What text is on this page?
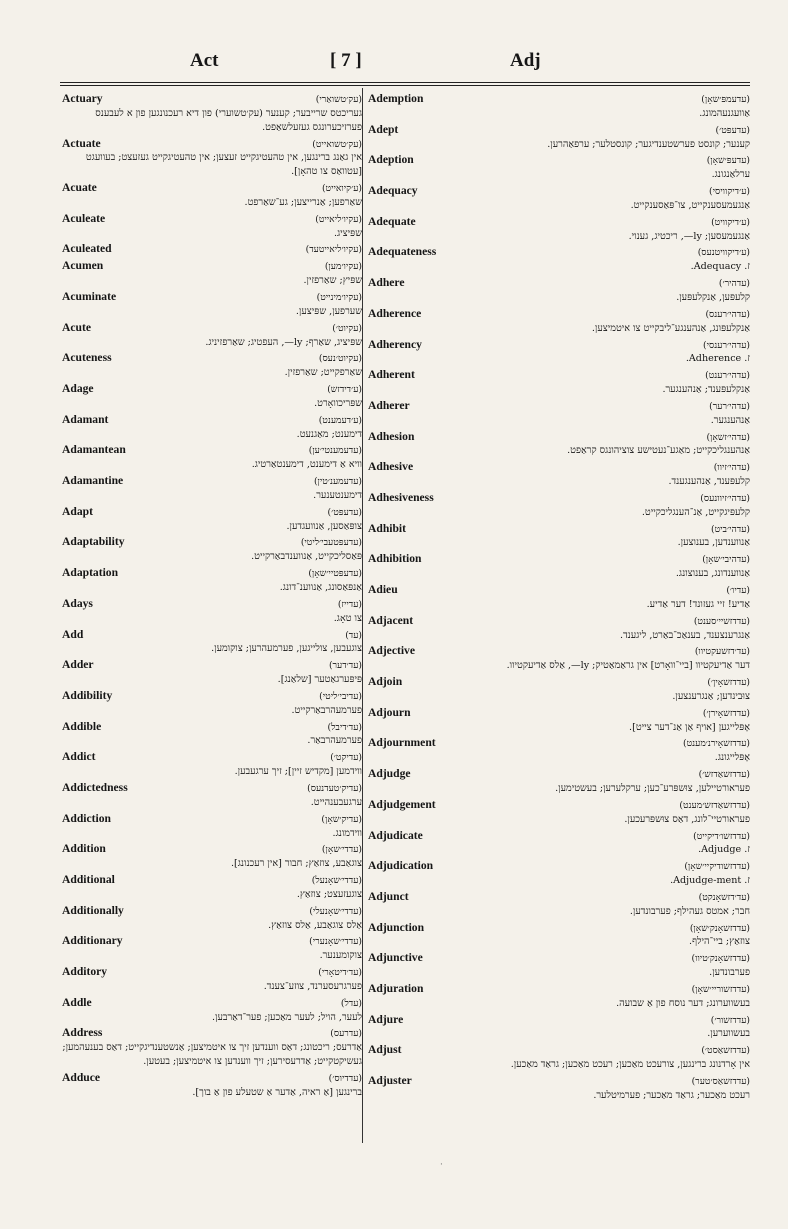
Act	[ 7 ]	Adj
Actuary	(עק׳טשואַרי)
געריכטס שרייבער; קענער (עק׳טשוערי) פון דיא רעכנונגען פון א לעבענס פערזיכערונגס געזעלשאַפט.
Actuate	(עק׳טשואייט)
אין גאַנג ברינגען, אין טהעטיגקייט זעצען; אין טהעטיגקייט געזעצט; בעוועגט [עטוואַס צו טהאָן].
Acuate	(ע׳קיואייט)
שאַרפען; אַנרייצען; גע־שאַרפט.
Aculeate	(עקיו׳ליאייט)
שפּיציג.
Aculeated	(עקיו׳ליאייטעד)
Acumen	(עקיו׳מען)
שפּיץ; שאַרפזין.
Acuminate	(עקיו׳מינייט)
שערפען, שפּיצען.
Acute	(עקיוט׳)
שפּיציג, שאַרף; ly—, העפטיג; שאַרפזיניג.
Acuteness	(עקיוט׳נעס)
שאַרפקייט; שאַרפזין.
Adage	(ע׳דידזש)
שפּריכוואָרט.
Adamant	(ע׳דעמענט)
דימענט; מאַגנעט.
Adamantean	(עדעמענטי׳ען)
וויא אַ דימענט, דימענטאַרטיג.
Adamantine	(עדעמענ׳טין)
דימענטענער.
Adapt	(עדעפּט׳)
צופּאַסען, אַנוועגדען.
Adaptability	(עדעפּטעבי׳ליטי)
פּאַסליכקייט, אַנווענדבאַרקייט.
Adaptation	(עדעפּטיי׳שאָן)
אַנפּאַסונג, אַנווענ־דונג.
Adays	(עדייז)
צו טאָג.
Add	(עד)
צוגעבען, צולייגען, פערמעהרען; צוקומען.
Adder	(עד׳דער)
פּיפּערגאַטער [שלאַנג].
Addibility	(עדיבי׳ליטי)
פערמעהרבאַרקייט.
Addible	(עד׳דיבל)
פערמעהרבאַר.
Addict	(עדיקט׳)
ווידמען [מקדיש זיין]; זיך ערגעבען.
Addictedness	(עדיק׳טעדנעס)
ערגעבענהייט.
Addiction	(עדיק׳שאָן)
ווידמונג.
Addition	(עדדי׳שאָן)
צוגאַבע, צוזאַץ; חבור [אין רעכנונג].
Additional	(עדדי׳שאָנעל)
צוגעזעצט; צוזאַץ.
Additionally	(עדדי׳שאָנעלי)
אַלס צוגאַבע, אַלס צוזאַץ.
Additionary	(עדדי׳שאָנערי)
צוקומענער.
Additory	(עד׳דיטאָרי)
פערגרעסערנד, צוזע־צענד.
Addle	(עדל)
לעער, הויל; לעער מאַכען; פער־דאַרבען.
Address	(עדרעס)
אַדרעס; ריכטונג; דאַס ווענדען זיך צו איטמיצען; אַנשטענדיגקייט; דאַס בענעהמען; געשיקטקייט; אַדרעסירען; זיך ווענדען צו איטמיצען; בעטען.
Adduce	(עדדיוס׳)
ברינגען [אַ ראיה, אַדער אַ שטעלע פון אַ בוך].
Ademption	(עדעמפּ׳שאָן)
אַוועגנעהמונג.
Adept	(עדעפּט׳)
קענער; קונסט פערשטענדיגער; קונסטלער; ערפאַהרען.
Adeption	(עדעפּ׳שאָן)
ערלאַנגונג.
Adequacy	(ע׳דיקוויסי)
אַנגעמעסענקייט, צו־פּאַסענקייט.
Adequate	(ע׳דיקוויט)
אַנגעמעסען; ly—, ריכטיג, גענוי.
Adequateness	(ע׳דיקוויטנעס)
ז. Adequacy.
Adhere	(עדהיר׳)
קלעפּען, אַנקלעפּען.
Adherence	(עדהי׳רענס)
אַנקלעפּונג, אַנהענגע־ליבקייט צו איטמיצען.
Adherency	(עדהי׳רענסי)
ז. Adherence.
Adherent	(עדהי׳רענט)
אַנקלעפּענד; אַנהענגער.
Adherer	(עדהי׳רער)
אַנהענגער.
Adhesion	(עדהי׳זשאָן)
אַנהענגליכקייט; מאַגע־נעטישע צוציהונגס קראַפט.
Adhesive	(עדהי׳זיוו)
קלעפּענד, אַנהענגענד.
Adhesiveness	(עדהי׳זיוונעס)
קלעפּיגקייט, אַנ־הענגליכקייט.
Adhibit	(עדהי׳ביט)
אַנווענדען, בענוצען.
Adhibition	(עדהיבי׳שאָן)
אַנווענדונג, בענוצונג.
Adieu	(עדיו׳)
אַדיע! זיי געזונד! דער אַדיע.
Adjacent	(עדדזשיי׳סענט)
אַנגרענצענד, בענאַכ־באַרט, ליגענד.
Adjective	(עד׳דזשעקטיוו)
דער אַדיעקטיוו [ביי־וואָרט] אין גראַמאַטיק; ly—, אַלס אַדיעקטיוו.
Adjoin	(עדדזשאָין׳)
צוּבינדען; אַנגרענצען.
Adjourn	(עדדזשאָירן׳)
אָפּלייגען [אויף אַן אַנ־דער צייט].
Adjournment	(עדדזשאָירנ׳מענט)
אָפּלייגונג.
Adjudge	(עדדזשאַדזש׳)
פעראורטיילען, צוּשפּרע־כען; ערקלערען; בעשטימען.
Adjudgement	(עדדזשאַדזש׳מענט)
פעראורטיי־לונג, דאַס צוּשפּרעכען.
Adjudicate	(עדדזשו׳דיקייט)
ז. Adjudge.
Adjudication	(עדדזשודיקיי׳שאָן)
ז. Adjudge-ment.
Adjunct	(עד׳דזשאָנקט)
חבר; אמטס געהילף; פערבונדען.
Adjunction	(עדדזשאָנק׳שאָן)
צוזאַץ; ביי־הילף.
Adjunctive	(עדדזשאָנק׳טיוו)
פערבונדען.
Adjuration	(עדדזשוריי׳שאָן)
בעשווערונג; דער נוסח פון אַ שבועה.
Adjure	(עדדזשור׳)
בעשווערען.
Adjust	(עדדזשאַסט׳)
אין אָרדנונג ברינגען, צורעכט מאַכען; רעכט מאַכען; גראַד מאַכען.
Adjuster	(עדדזשאַס׳טער)
רעכט מאַכער; גראַד מאַכער; פערמיטלער.
·
